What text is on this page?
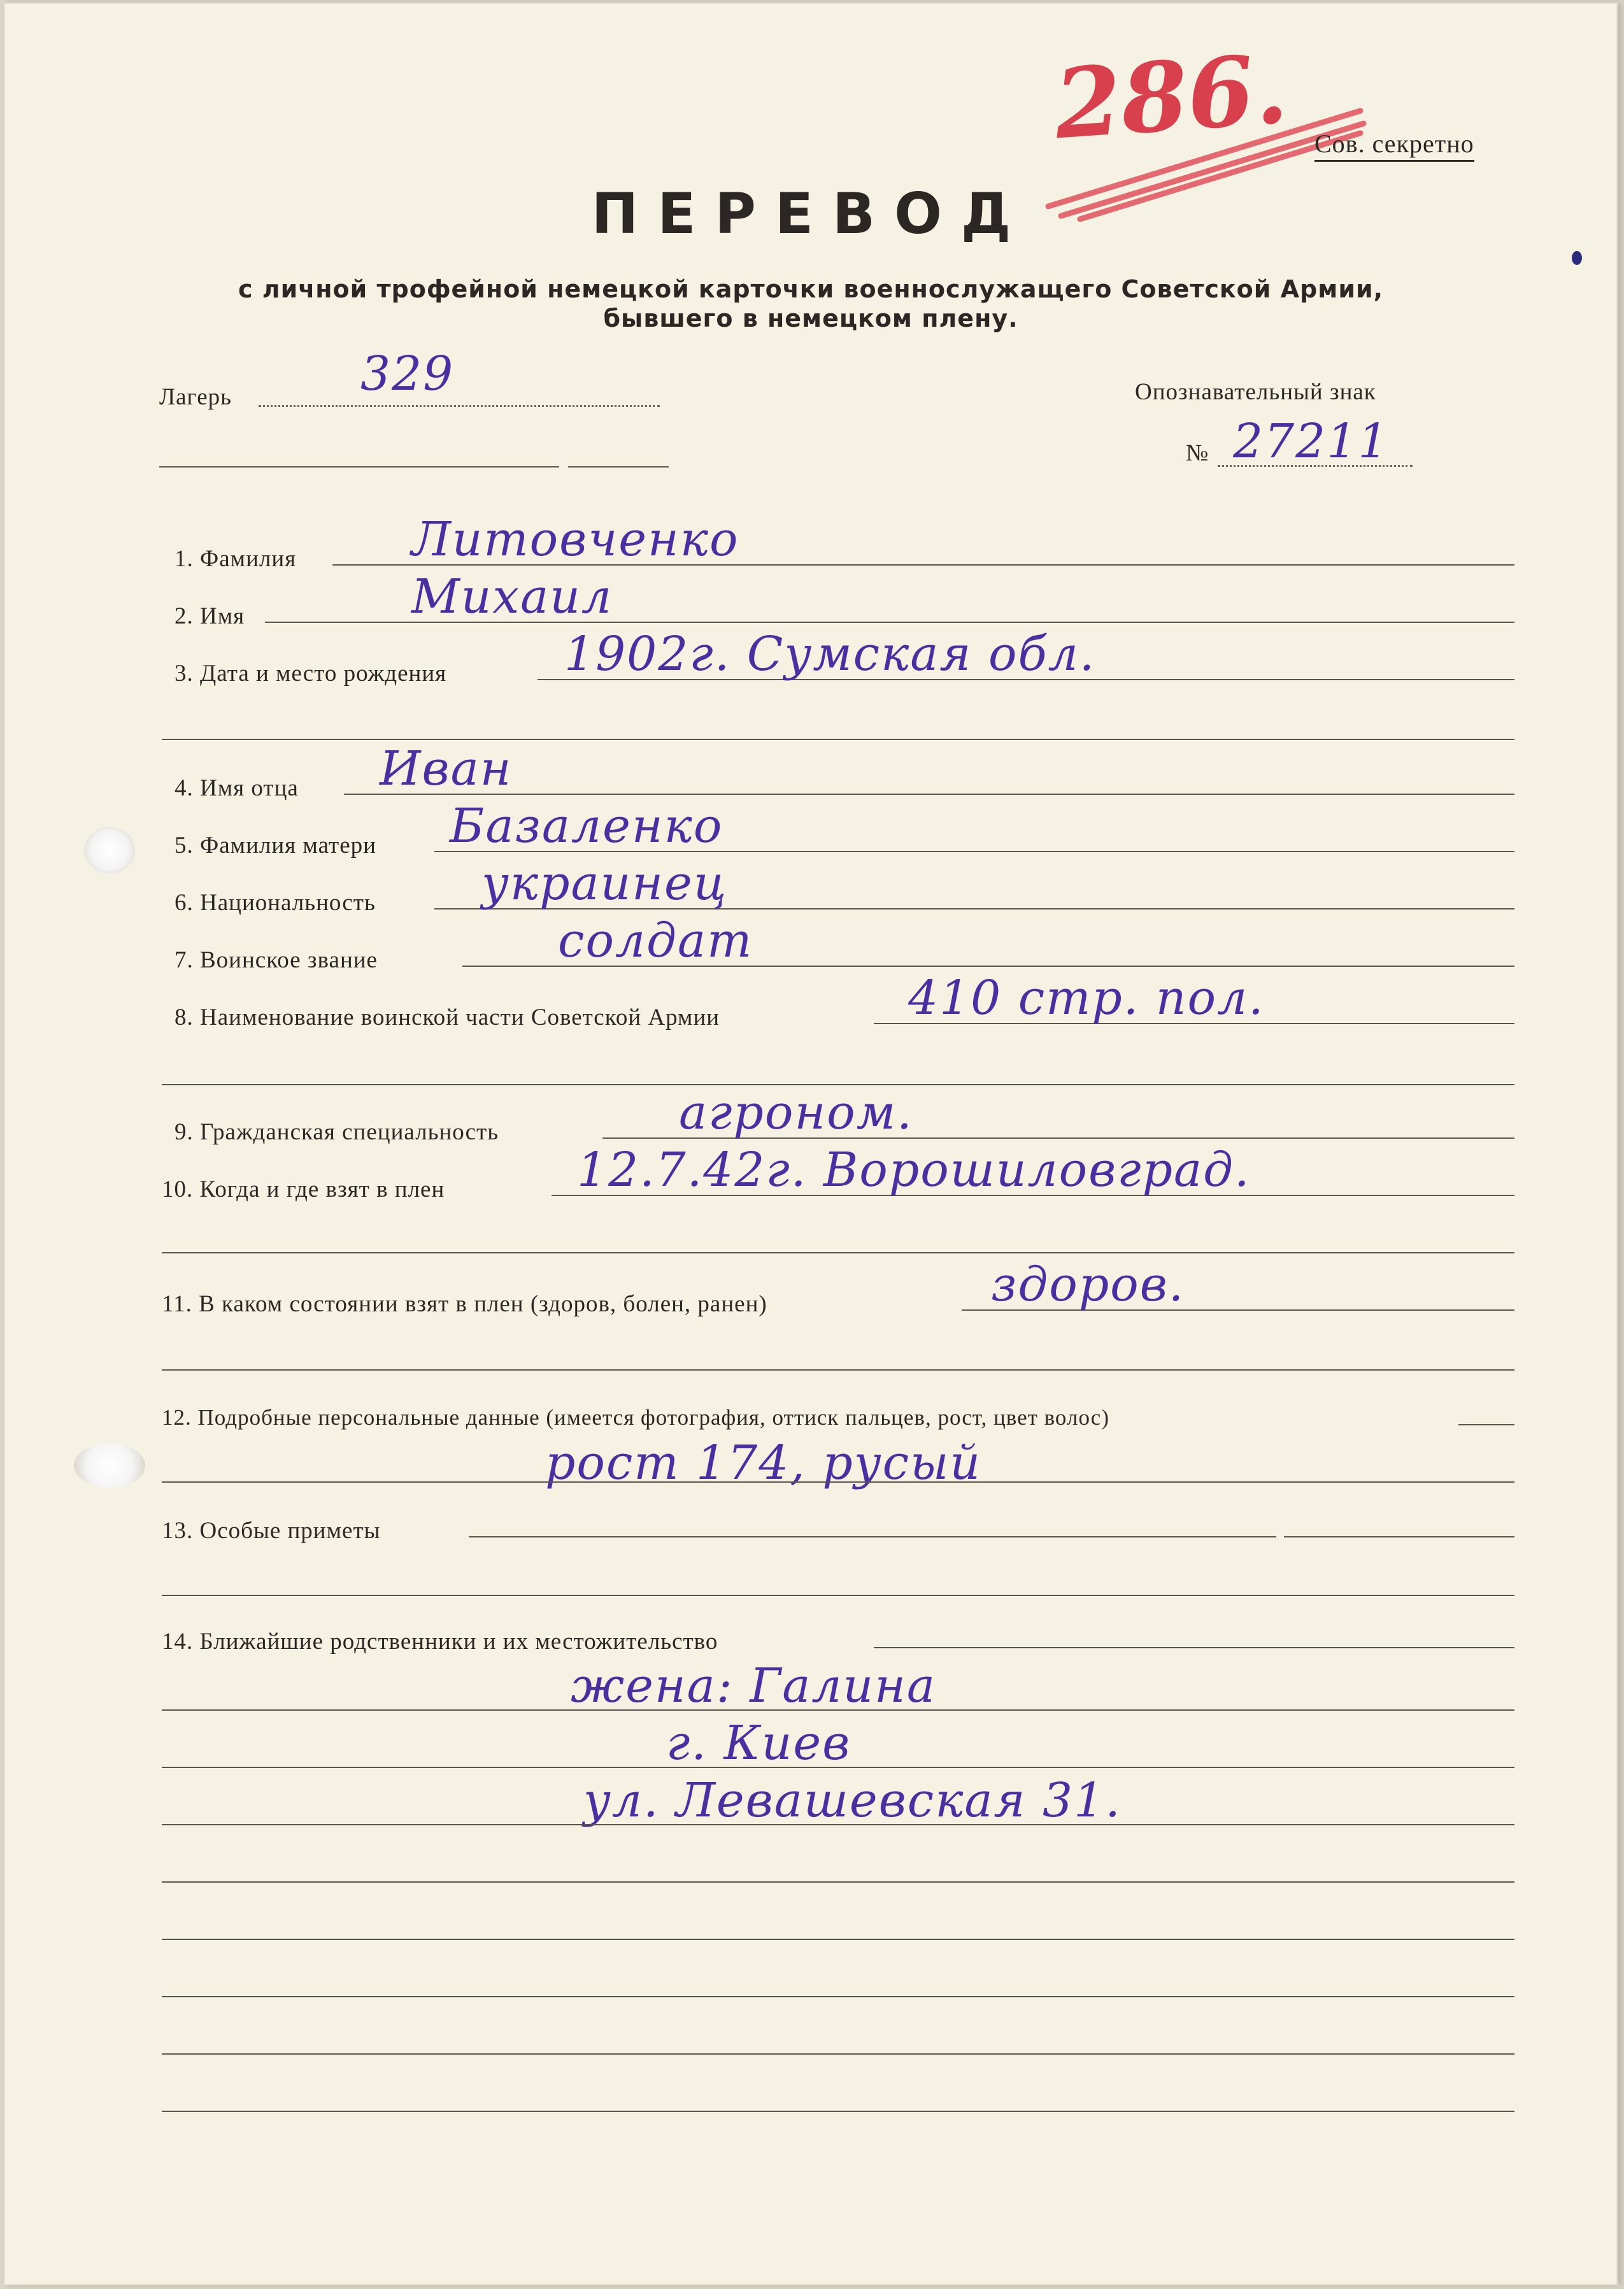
286. Сов. секретно
ПЕРЕВОД
с личной трофейной немецкой карточки военнослужащего Советской Армии,
бывшего в немецком плену.
Лагерь	329	Опознавательный знак
№ 27211
1. Фамилия Литовченко
2. Имя	Михаил
3. Дата и место рождения 1902г. Сумская обл.
4. Имя отца Иван
5. Фамилия матери Базаленко
6. Национальность украинец
7. Воинское звание	солдат
8. Наименование воинской части Советской Армии	410 стр. пол.
9. Гражданская специальность	агроном.
10. Когда и где взят в плен	12.7.42г. Ворошиловград.
11. В каком состоянии взят в плен (здоров, болен, ранен)	здоров.
12. Подробные персональные данные (имеется фотография, оттиск пальцев, рост, цвет волос)
рост 174, русый
13. Особые приметы
14. Ближайшие родственники и их местожительство
жена: Галина
г. Киев
ул. Левашевская 31.
